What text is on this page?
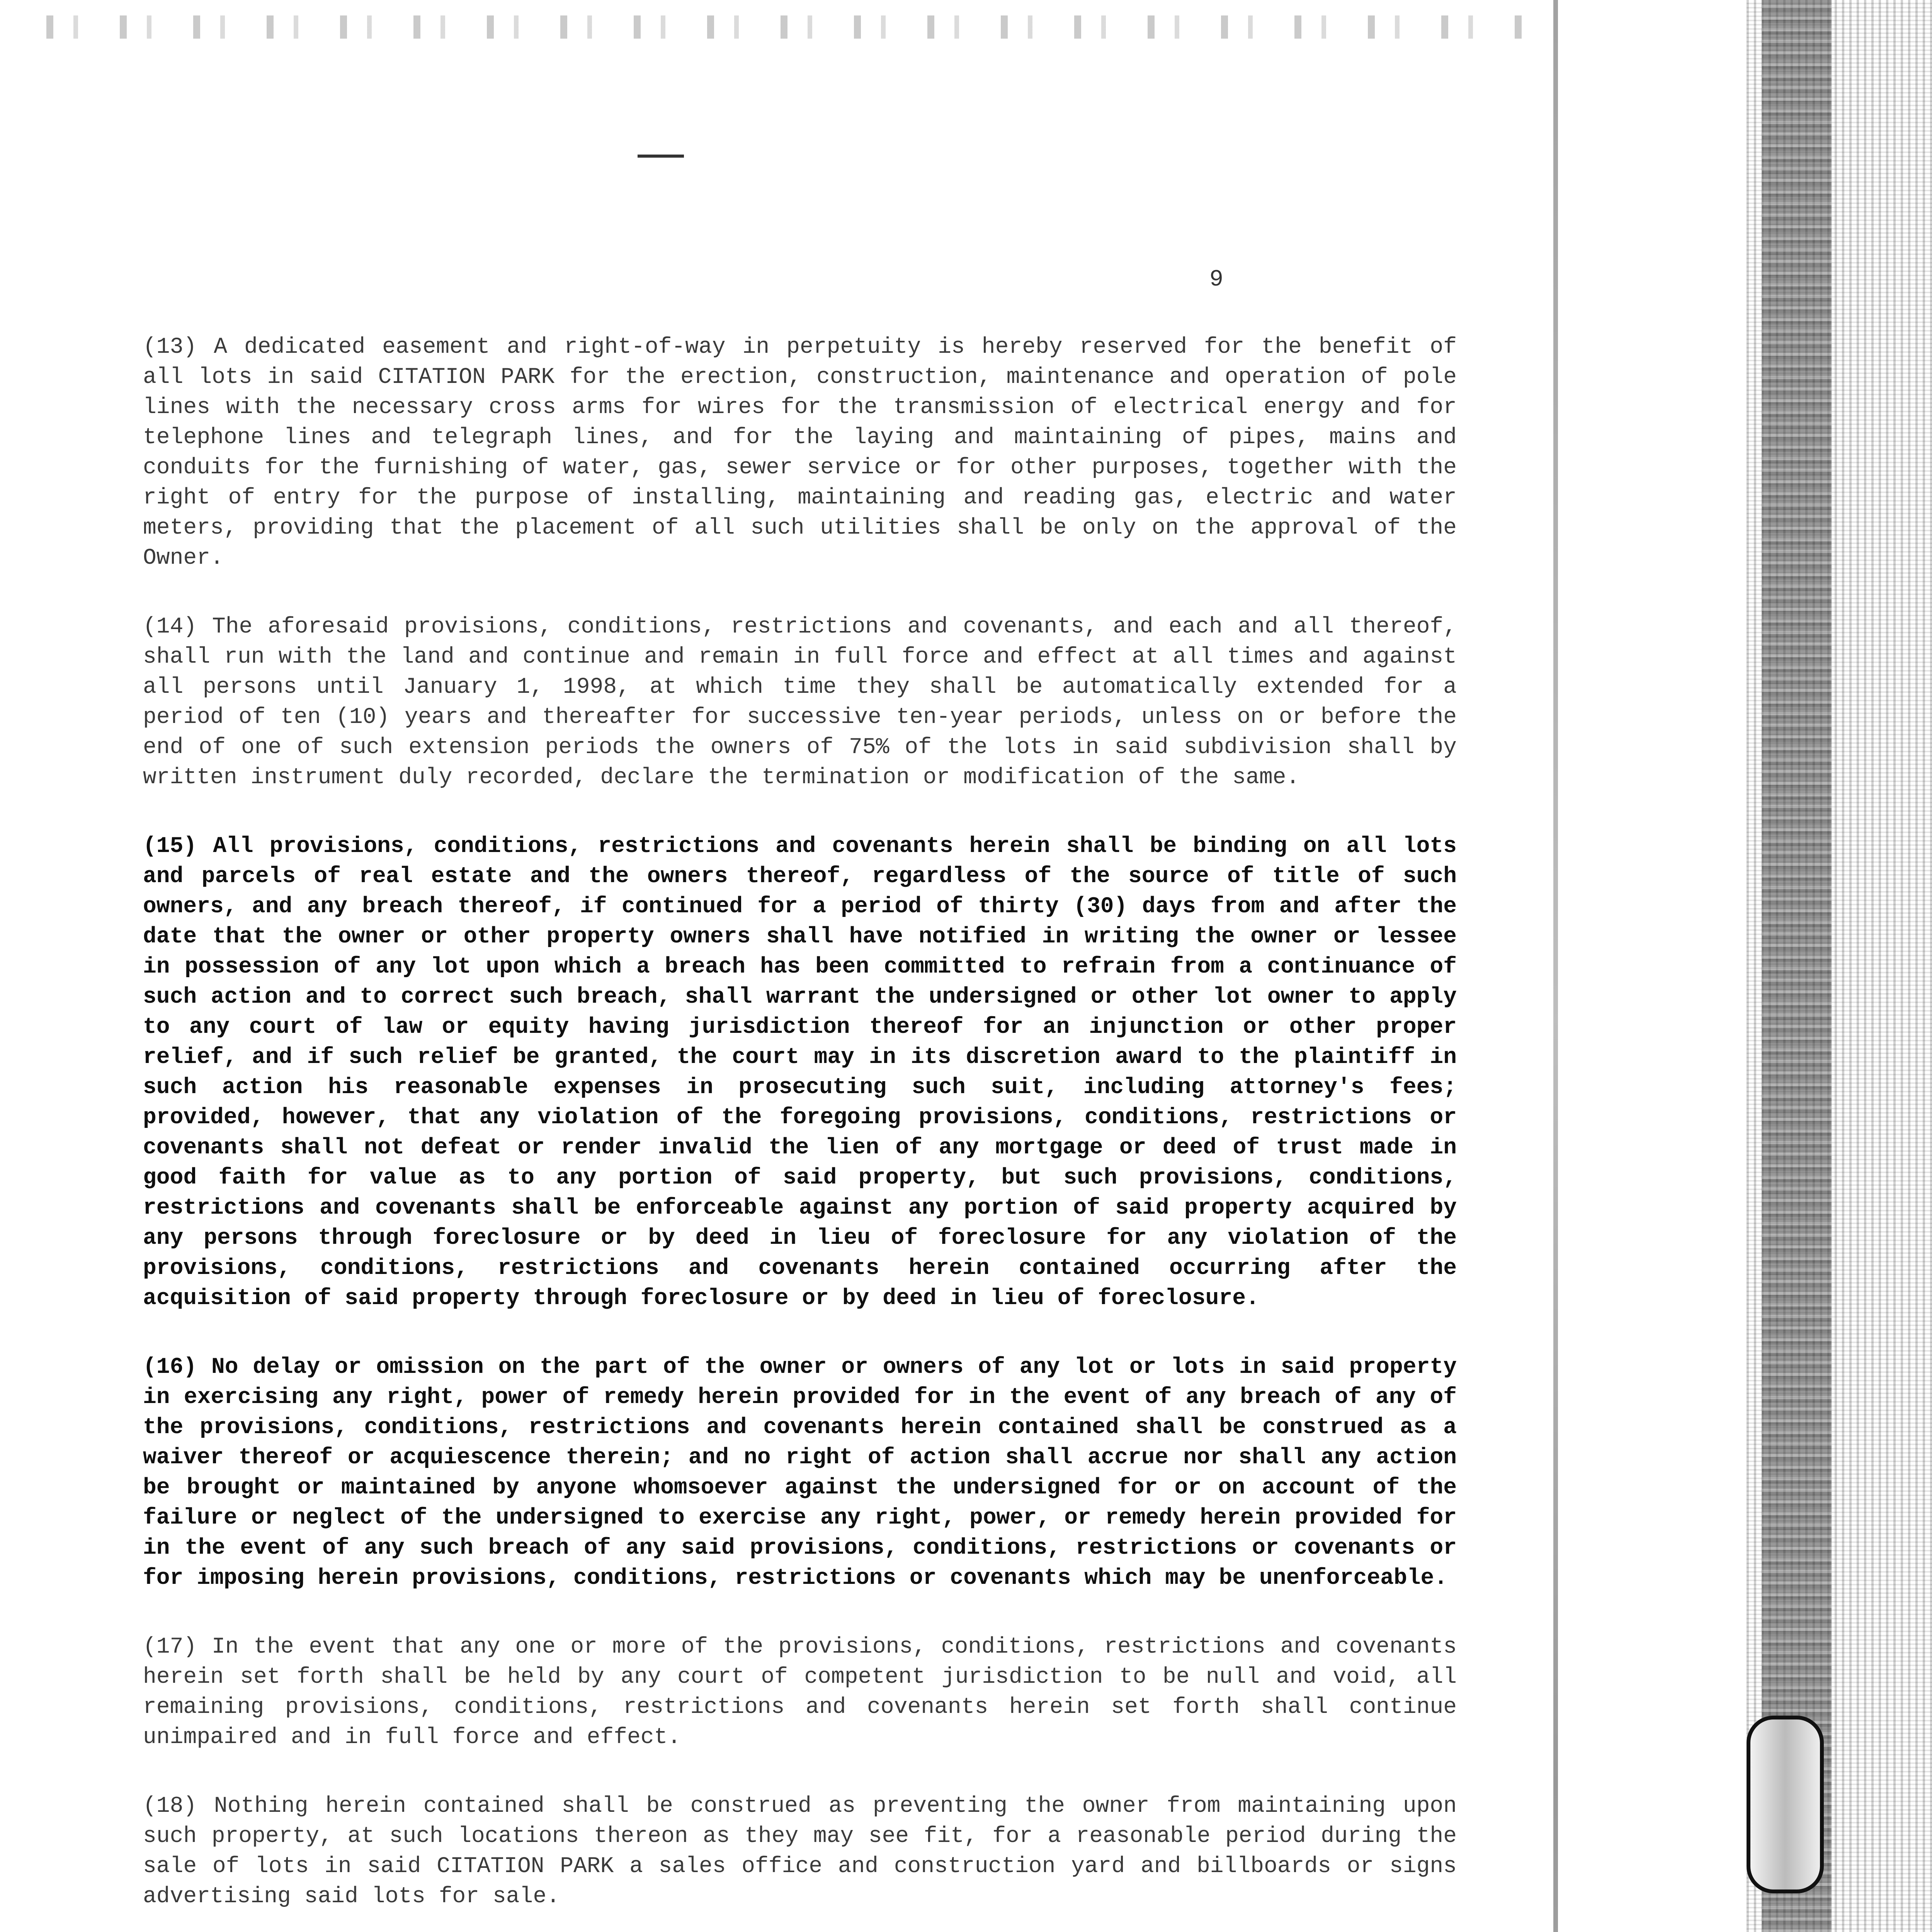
9

(13) A dedicated easement and right-of-way in perpetuity is hereby reserved for the benefit of all lots in said CITATION PARK for the erection, construction, maintenance and operation of pole lines with the necessary cross arms for wires for the transmission of electrical energy and for telephone lines and telegraph lines, and for the laying and maintaining of pipes, mains and conduits for the furnishing of water, gas, sewer service or for other purposes, together with the right of entry for the purpose of installing, maintaining and reading gas, electric and water meters, providing that the placement of all such utilities shall be only on the approval of the Owner.

(14) The aforesaid provisions, conditions, restrictions and covenants, and each and all thereof, shall run with the land and continue and remain in full force and effect at all times and against all persons until January 1, 1998, at which time they shall be automatically extended for a period of ten (10) years and thereafter for successive ten-year periods, unless on or before the end of one of such extension periods the owners of 75% of the lots in said subdivision shall by written instrument duly recorded, declare the termination or modification of the same.

(15) All provisions, conditions, restrictions and covenants herein shall be binding on all lots and parcels of real estate and the owners thereof, regardless of the source of title of such owners, and any breach thereof, if continued for a period of thirty (30) days from and after the date that the owner or other property owners shall have notified in writing the owner or lessee in possession of any lot upon which a breach has been committed to refrain from a continuance of such action and to correct such breach, shall warrant the undersigned or other lot owner to apply to any court of law or equity having jurisdiction thereof for an injunction or other proper relief, and if such relief be granted, the court may in its discretion award to the plaintiff in such action his reasonable expenses in prosecuting such suit, including attorney's fees; provided, however, that any violation of the foregoing provisions, conditions, restrictions or covenants shall not defeat or render invalid the lien of any mortgage or deed of trust made in good faith for value as to any portion of said property, but such provisions, conditions, restrictions and covenants shall be enforceable against any portion of said property acquired by any persons through foreclosure or by deed in lieu of foreclosure for any violation of the provisions, conditions, restrictions and covenants herein contained occurring after the acquisition of said property through foreclosure or by deed in lieu of foreclosure.

(16) No delay or omission on the part of the owner or owners of any lot or lots in said property in exercising any right, power of remedy herein provided for in the event of any breach of any of the provisions, conditions, restrictions and covenants herein contained shall be construed as a waiver thereof or acquiescence therein; and no right of action shall accrue nor shall any action be brought or maintained by anyone whomsoever against the undersigned for or on account of the failure or neglect of the undersigned to exercise any right, power, or remedy herein provided for in the event of any such breach of any said provisions, conditions, restrictions or covenants or for imposing herein provisions, conditions, restrictions or covenants which may be unenforceable.

(17) In the event that any one or more of the provisions, conditions, restrictions and covenants herein set forth shall be held by any court of competent jurisdiction to be null and void, all remaining provisions, conditions, restrictions and covenants herein set forth shall continue unimpaired and in full force and effect.

(18) Nothing herein contained shall be construed as preventing the owner from maintaining upon such property, at such locations thereon as they may see fit, for a reasonable period during the sale of lots in said CITATION PARK a sales office and construction yard and billboards or signs advertising said lots for sale.
